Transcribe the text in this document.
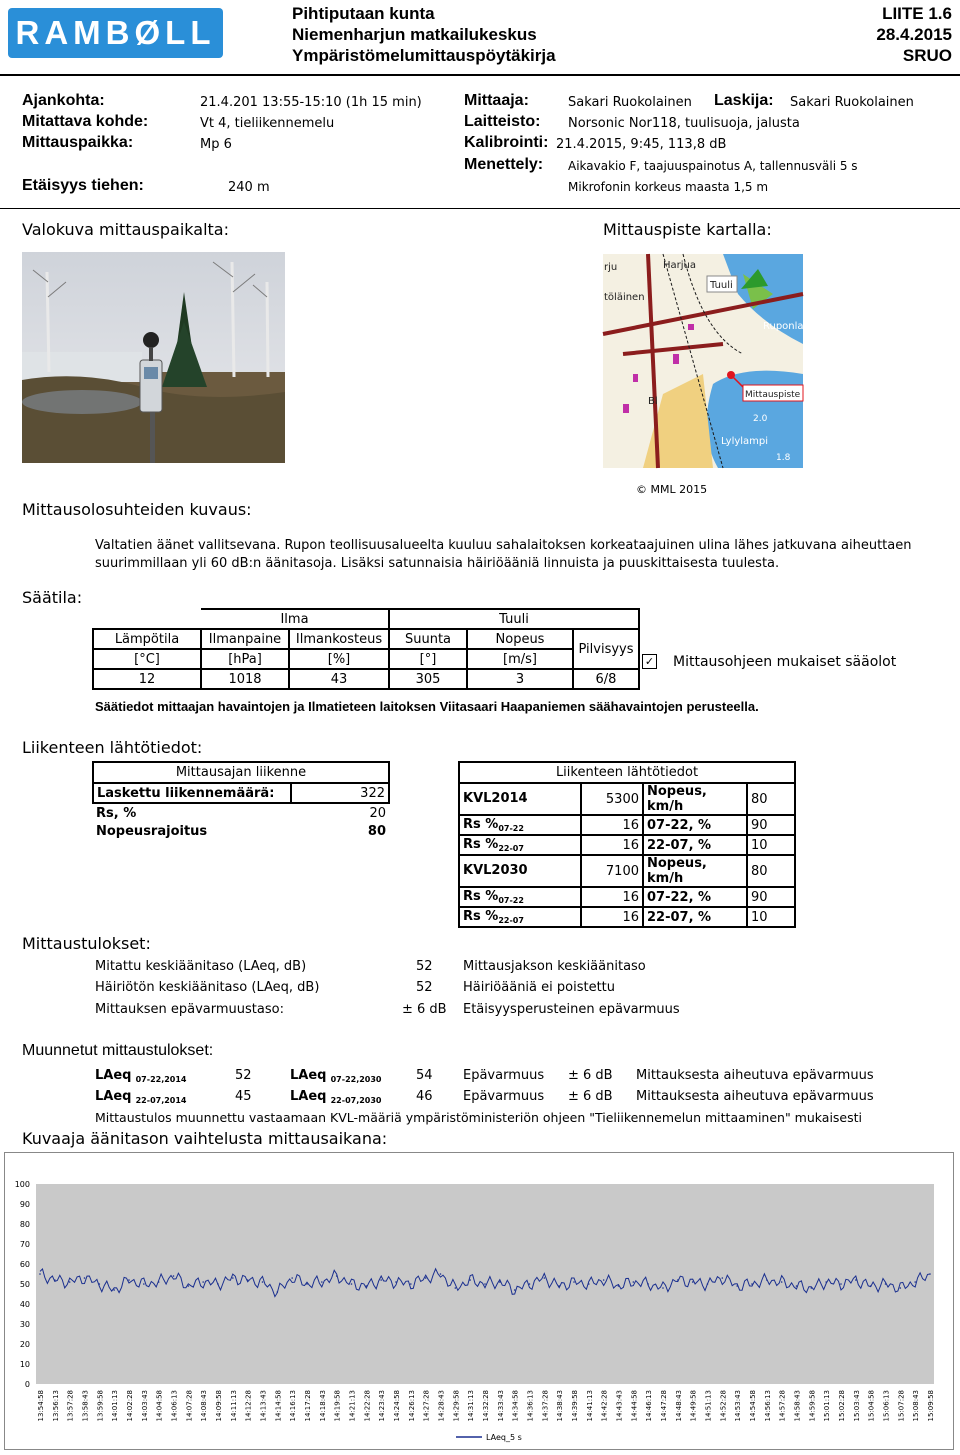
RAMBØLL
Pihtiputaan kunta
Niemenharjun matkailukeskus
Ympäristömelumittauspöytäkirja
LIITE 1.6
28.4.2015
SRUO
Ajankohta:	21.4.201 13:55-15:10 (1h 15 min)
Mitattava kohde:	Vt 4, tieliikennemelu
Mittauspaikka:	Mp 6
Etäisyys tiehen:	240 m
Mittaaja:	Sakari Ruokolainen Laskija: Sakari Ruokolainen
Laitteisto: Norsonic Nor118, tuulisuoja, jalusta
Kalibrointi: 21.4.2015, 9:45, 113,8 dB
Menettely: Aikavakio F, taajuuspainotus A, tallennusväli 5 s
Mikrofonin korkeus maasta 1,5 m
Valokuva mittauspaikalta:	Mittauspiste kartalla:
Harjua
Tuuli
Ruponlahti
Mittauspiste
Lylylampi
2.0
1.8
rju
töläinen
Bl
© MML 2015
Mittausolosuhteiden kuvaus:
Valtatien äänet vallitsevana. Rupon teollisuusalueelta kuuluu sahalaitoksen korkeataajuinen ulina lähes jatkuvana aiheuttaen suurimmillaan yli 60 dB:n äänitasoja. Lisäksi satunnaisia häiriöääniä linnuista ja puuskittaisesta tuulesta.
Säätila:
	Ilma		Tuuli			
Lämpötila	Ilmanpaine	Ilmankosteus	Suunta	Nopeus	Pilvisyys	
[°C]	[hPa]	[%]	[°]	[m/s]		
12	1018	43	305	3	6/8	
✓ Mittausohjeen mukaiset sääolot
Säätiedot mittaajan havaintojen ja Ilmatieteen laitoksen Viitasaari Haapaniemen säähavaintojen perusteella.
Liikenteen lähtötiedot:
Mittausajan liikenne	
Laskettu liikennemäärä:	322
Rs, %	20
Nopeusrajoitus	80
Liikenteen lähtötiedot			
KVL2014	5300	Nopeus, km/h	80
Rs $\%_{07-22}$	16	07-22, %	90
Rs $\%_{22-07}$	16	22-07, %	10
KVL2030	7100	Nopeus, km/h	80
Rs $\%_{07-22}$	16	07-22, %	90
Rs $\%_{22-07}$	16	22-07, %	10
Mittaustulokset:
Mitattu keskiäänitaso (LAeq, dB)	52 Mittausjakson keskiäänitaso
Häiriötön keskiäänitaso (LAeq, dB)	52 Häiriöääniä ei poistettu
Mittauksen epävarmuustaso:	± 6 dB Etäisyysperusteinen epävarmuus
Muunnetut mittaustulokset:
LAeq $_{07-22,2014}$	52	LAeq $_{07-22,2030}$	54 Epävarmuus ± 6 dB Mittauksesta aiheutuva epävarmuus
LAeq $_{22-07,2014}$	45	LAeq $_{22-07,2030}$	46 Epävarmuus ± 6 dB Mittauksesta aiheutuva epävarmuus
Mittaustulos muunnettu vastaamaan KVL-määriä ympäristöministeriön ohjeen "Tieliikennemelun mittaaminen" mukaisesti
Kuvaaja äänitason vaihtelusta mittausaikana:
0
10
20
30
40
50
60
70
80
90
100
13:54:58 13:56:13 13:57:28 13:58:43 13:59:58 14:01:13 14:02:28 14:03:43 14:04:58 14:06:13 14:07:28 14:08:43 14:09:58 14:11:13 14:12:28 14:13:43 14:14:58 14:16:13 14:17:28 14:18:43 14:19:58 14:21:13 14:22:28 14:23:43 14:24:58 14:26:13 14:27:28 14:28:43 14:29:58 14:31:13 14:32:28 14:33:43 14:34:58 14:36:13 14:37:28 14:38:43 14:39:58 14:41:13 14:42:28 14:43:43 14:44:58 14:46:13 14:47:28 14:48:43 14:49:58 14:51:13 14:52:28 14:53:43 14:54:58 14:56:13 14:57:28 14:58:43 14:59:58 15:01:13 15:02:28 15:03:43 15:04:58 15:06:13 15:07:28 15:08:43 15:09:58
LAeq_5 s
